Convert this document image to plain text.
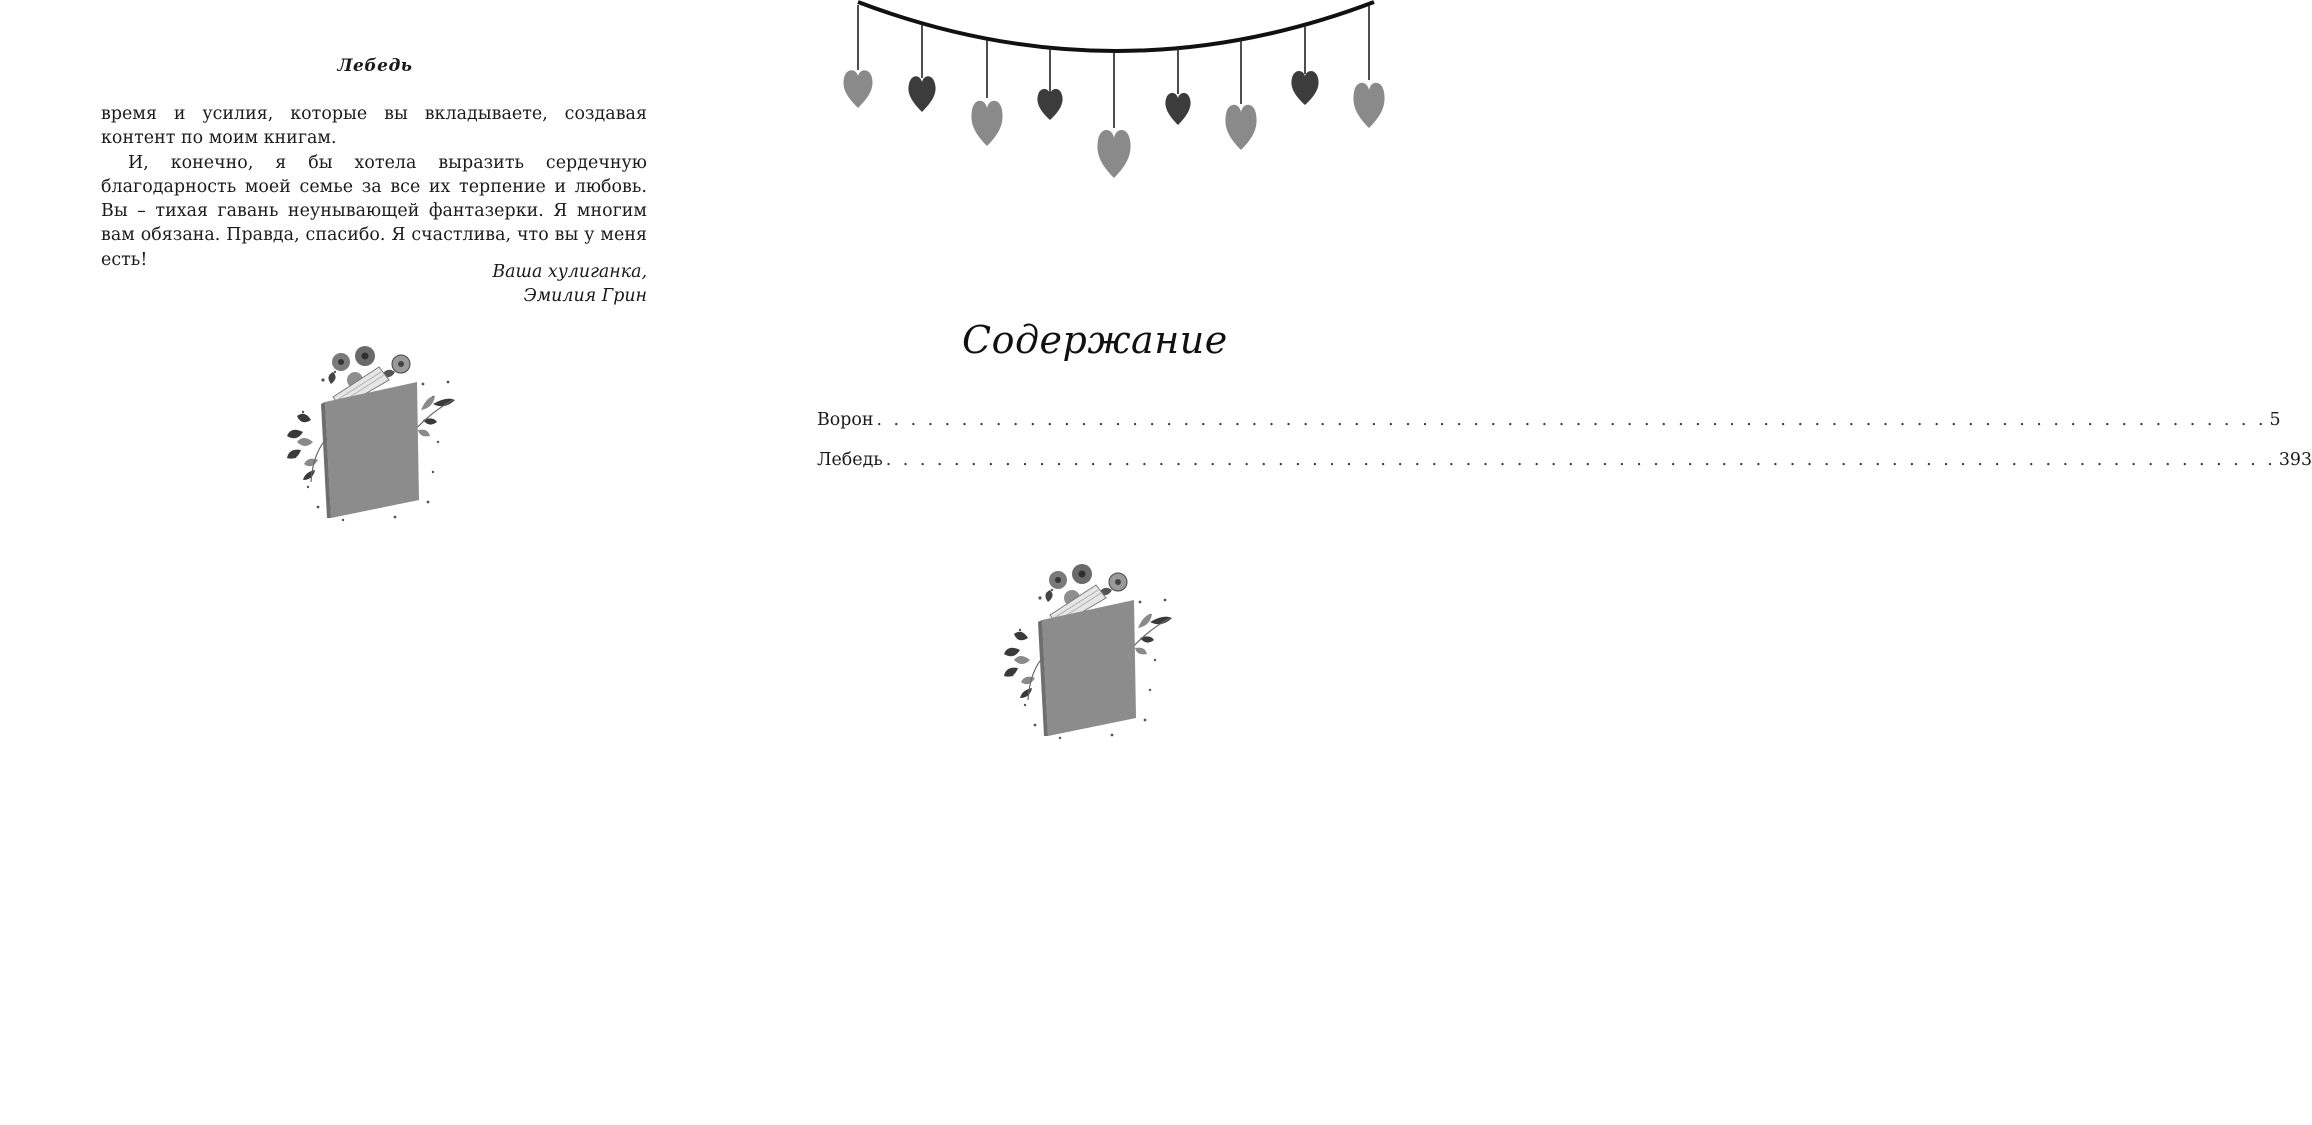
Лебедь

время и усилия, которые вы вкладываете, создавая контент по моим книгам.

И, конечно, я бы хотела выразить сердечную благодарность моей семье за все их терпение и любовь. Вы – тихая гавань неунывающей фантазерки. Я многим вам обязана. Правда, спасибо. Я счастлива, что вы у меня есть!

Ваша хулиганка,
Эмилия Грин
Содержание
Ворон . . . . . . . . . . . . . . . . . . . . . . . . . . . . . . . . . . . . . . . . . . . . . . . . . . . . . . . . . . . . . . . . . . . . . . . . . . . . . . . . . . 5
Лебедь . . . . . . . . . . . . . . . . . . . . . . . . . . . . . . . . . . . . . . . . . . . . . . . . . . . . . . . . . . . . . . . . . . . . . . . . . . . . . . . . . . 393
